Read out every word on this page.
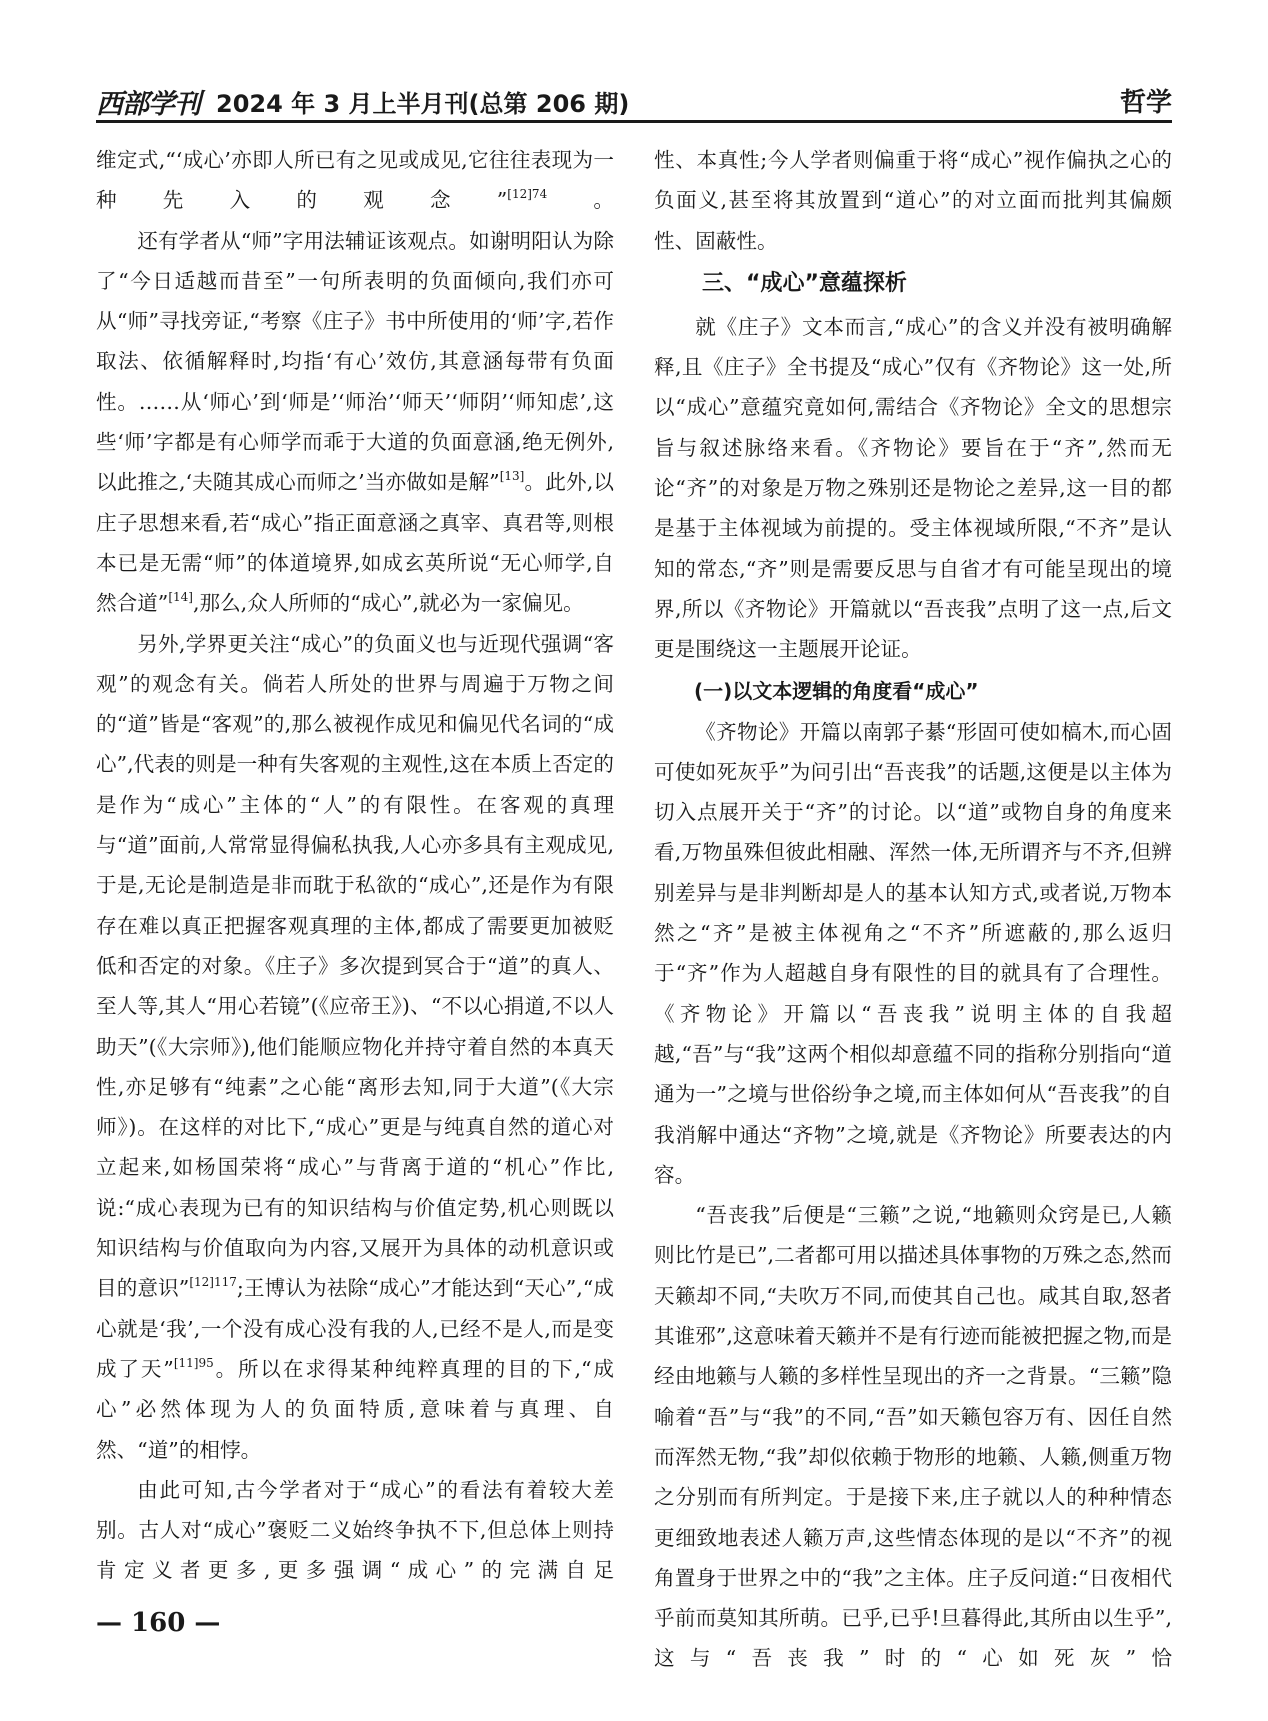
西部学刊 2024 年 3 月上半月刊(总第 206 期)	哲学

维定式,“‘成心’亦即人所已有之见或成见,它往往表现为一种先入的观念”$^{[12]74}$。

还有学者从“师”字用法辅证该观点。如谢明阳认为除了“今日适越而昔至”一句所表明的负面倾向,我们亦可从“师”寻找旁证,“考察《庄子》书中所使用的‘师’字,若作取法、依循解释时,均指‘有心’效仿,其意涵每带有负面性。……从‘师心’到‘师是’‘师治’‘师天’‘师阴’‘师知虑’,这些‘师’字都是有心师学而乖于大道的负面意涵,绝无例外,以此推之,‘夫随其成心而师之’当亦做如是解”[13]。此外,以庄子思想来看,若“成心”指正面意涵之真宰、真君等,则根本已是无需“师”的体道境界,如成玄英所说“无心师学,自然合道”[14],那么,众人所师的“成心”,就必为一家偏见。

另外,学界更关注“成心”的负面义也与近现代强调“客观”的观念有关。倘若人所处的世界与周遍于万物之间的“道”皆是“客观”的,那么被视作成见和偏见代名词的“成心”,代表的则是一种有失客观的主观性,这在本质上否定的是作为“成心”主体的“人”的有限性。在客观的真理与“道”面前,人常常显得偏私执我,人心亦多具有主观成见,于是,无论是制造是非而耽于私欲的“成心”,还是作为有限存在难以真正把握客观真理的主体,都成了需要更加被贬低和否定的对象。《庄子》多次提到冥合于“道”的真人、至人等,其人“用心若镜”(《应帝王》)、“不以心捐道,不以人助天”(《大宗师》),他们能顺应物化并持守着自然的本真天性,亦足够有“纯素”之心能“离形去知,同于大道”(《大宗师》)。在这样的对比下,“成心”更是与纯真自然的道心对立起来,如杨国荣将“成心”与背离于道的“机心”作比,说:“成心表现为已有的知识结构与价值定势,机心则既以知识结构与价值取向为内容,又展开为具体的动机意识或目的意识”$^{[12]117}$;王博认为祛除“成心”才能达到“天心”,“成心就是‘我’,一个没有成心没有我的人,已经不是人,而是变成了天”$^{[11]95}$。所以在求得某种纯粹真理的目的下,“成心”必然体现为人的负面特质,意味着与真理、自然、“道”的相悖。

由此可知,古今学者对于“成心”的看法有着较大差别。古人对“成心”褒贬二义始终争执不下,但总体上则持肯定义者更多,更多强调“成心”的完满自足

性、本真性;今人学者则偏重于将“成心”视作偏执之心的负面义,甚至将其放置到“道心”的对立面而批判其偏颇性、固蔽性。

三、“成心”意蕴探析

就《庄子》文本而言,“成心”的含义并没有被明确解释,且《庄子》全书提及“成心”仅有《齐物论》这一处,所以“成心”意蕴究竟如何,需结合《齐物论》全文的思想宗旨与叙述脉络来看。《齐物论》要旨在于“齐”,然而无论“齐”的对象是万物之殊别还是物论之差异,这一目的都是基于主体视域为前提的。受主体视域所限,“不齐”是认知的常态,“齐”则是需要反思与自省才有可能呈现出的境界,所以《齐物论》开篇就以“吾丧我”点明了这一点,后文更是围绕这一主题展开论证。

(一)以文本逻辑的角度看“成心”

《齐物论》开篇以南郭子綦“形固可使如槁木,而心固可使如死灰乎”为问引出“吾丧我”的话题,这便是以主体为切入点展开关于“齐”的讨论。以“道”或物自身的角度来看,万物虽殊但彼此相融、浑然一体,无所谓齐与不齐,但辨别差异与是非判断却是人的基本认知方式,或者说,万物本然之“齐”是被主体视角之“不齐”所遮蔽的,那么返归于“齐”作为人超越自身有限性的目的就具有了合理性。《齐物论》开篇以“吾丧我”说明主体的自我超越,“吾”与“我”这两个相似却意蕴不同的指称分别指向“道通为一”之境与世俗纷争之境,而主体如何从“吾丧我”的自我消解中通达“齐物”之境,就是《齐物论》所要表达的内容。

“吾丧我”后便是“三籁”之说,“地籁则众窍是已,人籁则比竹是已”,二者都可用以描述具体事物的万殊之态,然而天籁却不同,“夫吹万不同,而使其自己也。咸其自取,怒者其谁邪”,这意味着天籁并不是有行迹而能被把握之物,而是经由地籁与人籁的多样性呈现出的齐一之背景。“三籁”隐喻着“吾”与“我”的不同,“吾”如天籁包容万有、因任自然而浑然无物,“我”却似依赖于物形的地籁、人籁,侧重万物之分别而有所判定。于是接下来,庄子就以人的种种情态更细致地表述人籁万声,这些情态体现的是以“不齐”的视角置身于世界之中的“我”之主体。庄子反问道:“日夜相代乎前而莫知其所萌。已乎,已乎!旦暮得此,其所由以生乎”,这与“吾丧我”时的“心如死灰”恰

— 160 —
